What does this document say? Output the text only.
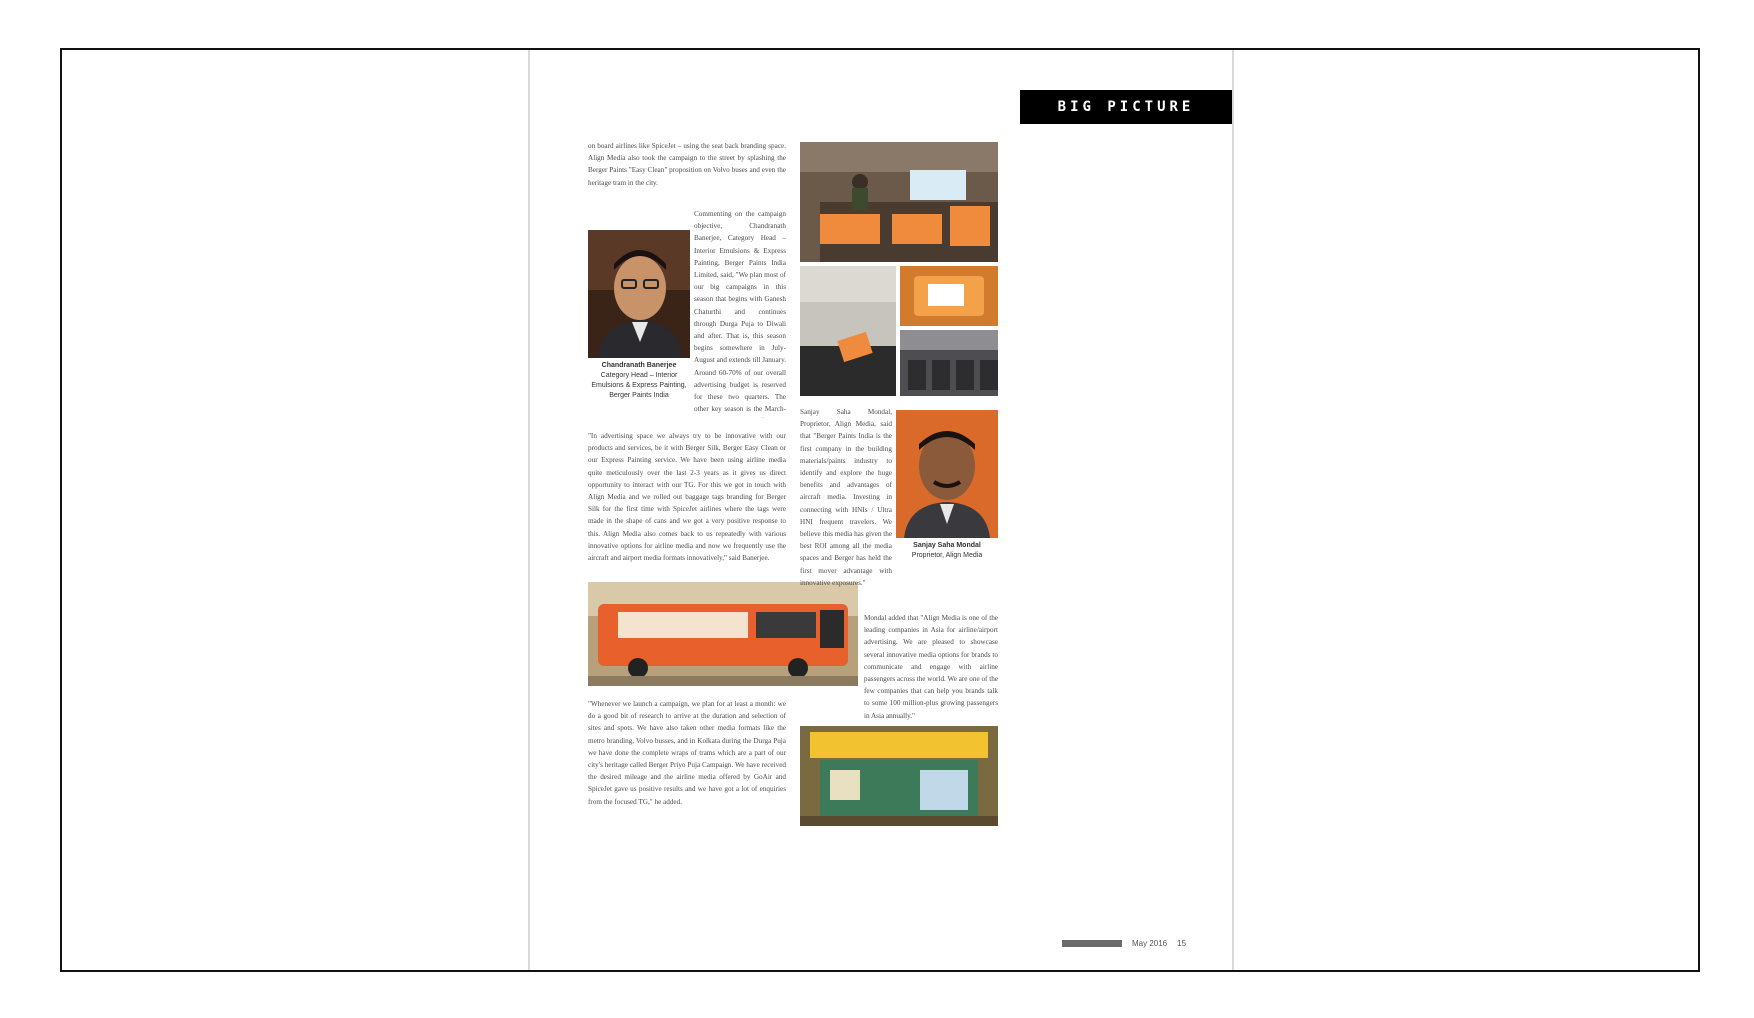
BIG PICTURE

on board airlines like SpiceJet – using the seat back branding space. Align Media also took the campaign to the street by splashing the Berger Paints "Easy Clean" proposition on Volvo buses and even the heritage tram in the city.

Chandranath Banerjee
Category Head – Interior Emulsions & Express Painting, Berger Paints India

Commenting on the campaign objective, Chandranath Banerjee, Category Head – Interior Emulsions & Express Painting, Berger Paints India Limited, said, "We plan most of our big campaigns in this season that begins with Ganesh Chaturthi and continues through Durga Puja to Diwali and after. That is, this season begins somewhere in July-August and extends till January. Around 60-70% of our overall advertising budget is reserved for these two quarters. The other key season is the March-

"In advertising space we always try to be innovative with our products and services, be it with Berger Silk, Berger Easy Clean or our Express Painting service. We have been using airline media quite meticulously over the last 2-3 years as it gives us direct opportunity to interact with our TG. For this we got in touch with Align Media and we rolled out baggage tags branding for Berger Silk for the first time with SpiceJet airlines where the tags were made in the shape of cans and we got a very positive response to this. Align Media also comes back to us repeatedly with various innovative options for airline media and now we frequently use the aircraft and airport media formats innovatively," said Banerjee.

"Whenever we launch a campaign, we plan for at least a month: we do a good bit of research to arrive at the duration and selection of sites and spots. We have also taken other media formats like the metro branding, Volvo busses, and in Kolkata during the Durga Puja we have done the complete wraps of trams which are a part of our city's heritage called Berger Priyo Puja Campaign. We have received the desired mileage and the airline media offered by GoAir and SpiceJet gave us positive results and we have got a lot of enquiries from the focused TG," he added.

Sanjay Saha Mondal, Proprietor, Align Media, said that "Berger Paints India is the first company in the building materials/paints industry to identify and explore the huge benefits and advantages of aircraft media. Investing in connecting with HNIs / Ultra HNI frequent travelers. We believe this media has given the best ROI among all the media spaces and Berger has held the first mover advantage with innovative exposures."

Sanjay Saha Mondal
Proprietor, Align Media

Mondal added that "Align Media is one of the leading companies in Asia for airline/airport advertising. We are pleased to showcase several innovative media options for brands to communicate and engage with airline passengers across the world. We are one of the few companies that can help you brands talk to some 100 million-plus growing passengers in Asia annually."

May 2016 15
